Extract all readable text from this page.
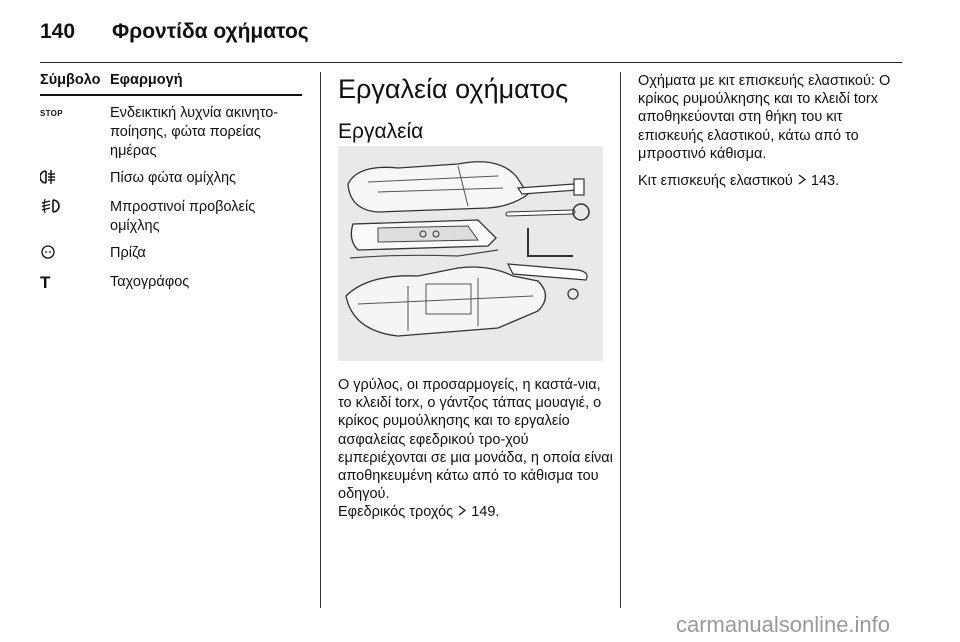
140 Φροντίδα οχήματος
Σύμβολο Εφαρμογή
STOP	Ενδεικτική λυχνία ακινητο-ποίησης, φώτα πορείας ημέρας
Πίσω φώτα ομίχλης
Μπροστινοί προβολείς ομίχλης
Πρίζα
T	Ταχογράφος
Εργαλεία οχήματος
Εργαλεία
Ο γρύλος, οι προσαρμογείς, η καστά-νια, το κλειδί torx, ο γάντζος τάπας μουαγιέ, ο κρίκος ρυμούλκησης και το εργαλείο ασφαλείας εφεδρικού τρο-χού εμπεριέχονται σε μια μονάδα, η οποία είναι αποθηκευμένη κάτω από το κάθισμα του οδηγού.
Εφεδρικός τροχός 149.
Οχήματα με κιτ επισκευής ελαστικού: Ο κρίκος ρυμούλκησης και το κλειδί torx αποθηκεύονται στη θήκη του κιτ επισκευής ελαστικού, κάτω από το μπροστινό κάθισμα.
Κιτ επισκευής ελαστικού 143.
carmanualsonline.info
